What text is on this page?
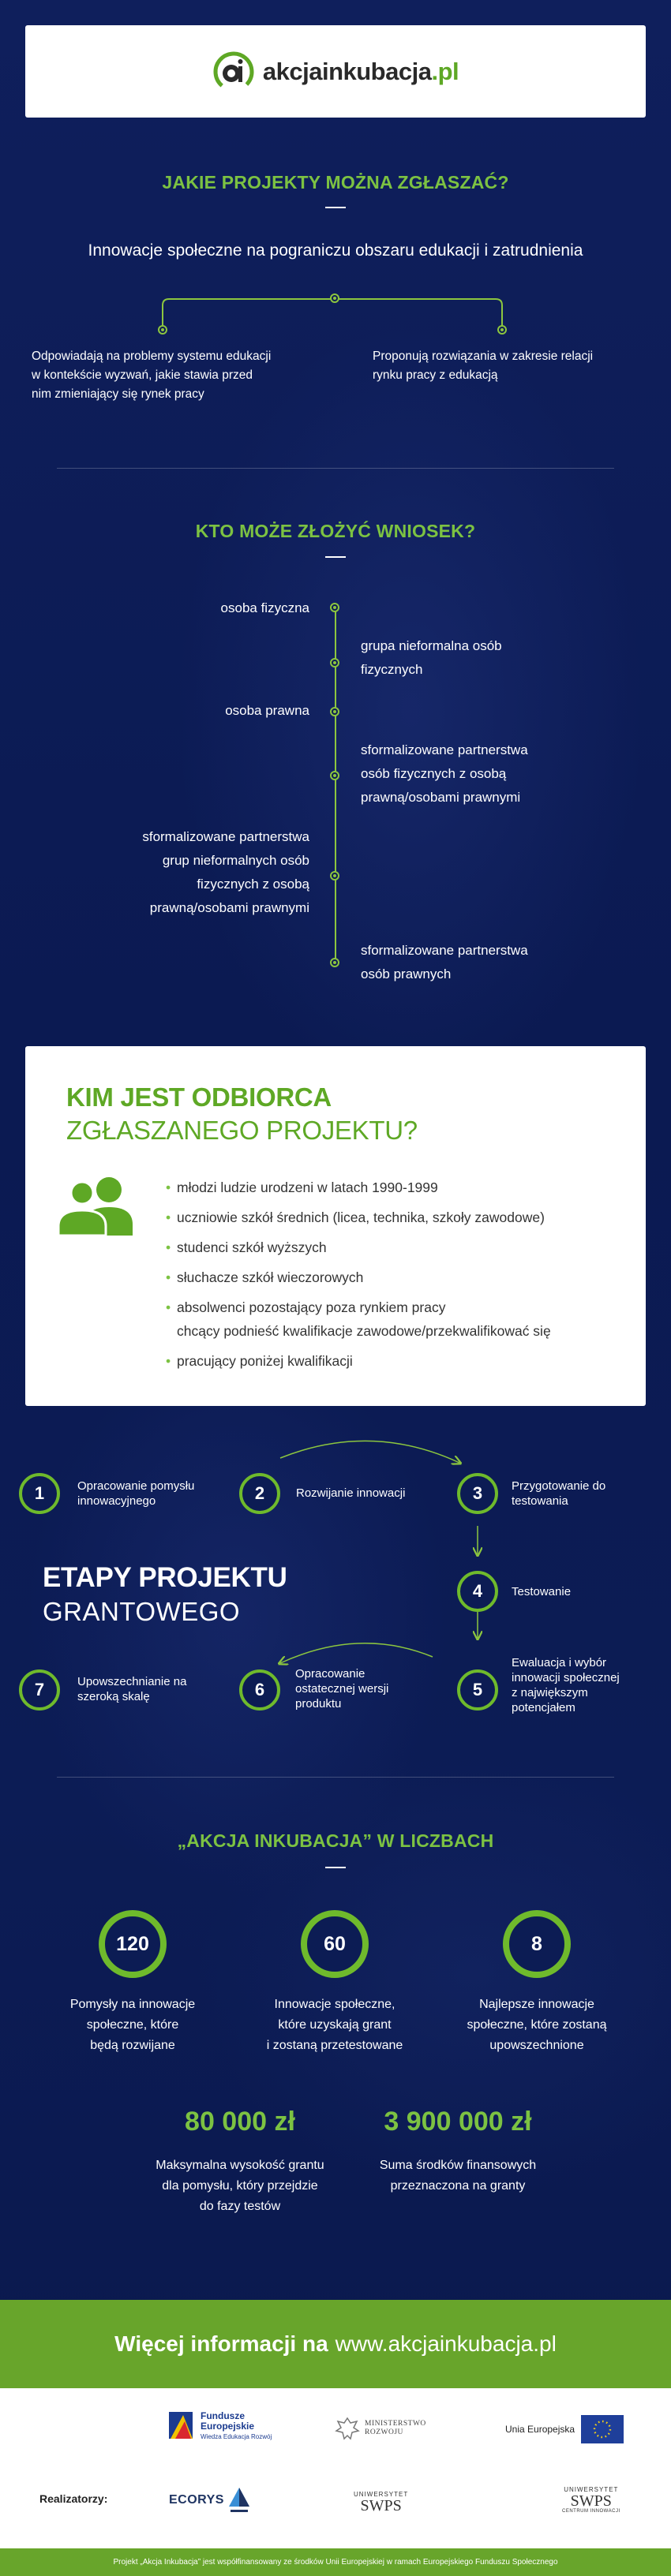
akcjainkubacja.pl
JAKIE PROJEKTY MOŻNA ZGŁASZAĆ?
Innowacje społeczne na pograniczu obszaru edukacji i zatrudnienia
Odpowiadają na problemy systemu edukacji
w kontekście wyzwań, jakie stawia przed
nim zmieniający się rynek pracy
Proponują rozwiązania w zakresie relacji
rynku pracy z edukacją
KTO MOŻE ZŁOŻYĆ WNIOSEK?
osoba fizyczna
osoba prawna
sformalizowane partnerstwa
grup nieformalnych osób
fizycznych z osobą
prawną/osobami prawnymi
grupa nieformalna osób
fizycznych
sformalizowane partnerstwa
osób fizycznych z osobą
prawną/osobami prawnymi
sformalizowane partnerstwa
osób prawnych
KIM JEST ODBIORCA
ZGŁASZANEGO PROJEKTU?
• młodzi ludzie urodzeni w latach 1990-1999
• uczniowie szkół średnich (licea, technika, szkoły zawodowe)
• studenci szkół wyższych
• słuchacze szkół wieczorowych
• absolwenci pozostający poza rynkiem pracy
chcący podnieść kwalifikacje zawodowe/przekwalifikować się
• pracujący poniżej kwalifikacji
1	Opracowanie pomysłu
innowacyjnego	2	Rozwijanie innowacji	3	Przygotowanie do
testowania
ETAPY PROJEKTU
GRANTOWEGO
4	Testowanie
5
Ewaluacja i wybór
innowacji społecznej
z największym
potencjałem
6
Opracowanie
ostatecznej wersji
produktu
7	Upowszechnianie na
szeroką skalę
„AKCJA INKUBACJA” W LICZBACH
120
Pomysły na innowacje
społeczne, które
będą rozwijane
60
Innowacje społeczne,
które uzyskają grant
i zostaną przetestowane
8
Najlepsze innowacje
społeczne, które zostaną
upowszechnione
80 000 zł
Maksymalna wysokość grantu
dla pomysłu, który przejdzie
do fazy testów
3 900 000 zł
Suma środków finansowych
przeznaczona na granty
Więcej informacji na www.akcjainkubacja.pl
Fundusze
Europejskie
Wiedza Edukacja Rozwój
MINISTERSTWO
ROZWOJU	Unia Europejska
Realizatorzy:	ECORYS	UNIWERSYTET
SWPS
UNIWERSYTET
SWPS
CENTRUM INNOWACJI
Projekt „Akcja Inkubacja” jest współfinansowany ze środków Unii Europejskiej w ramach Europejskiego Funduszu Społecznego
